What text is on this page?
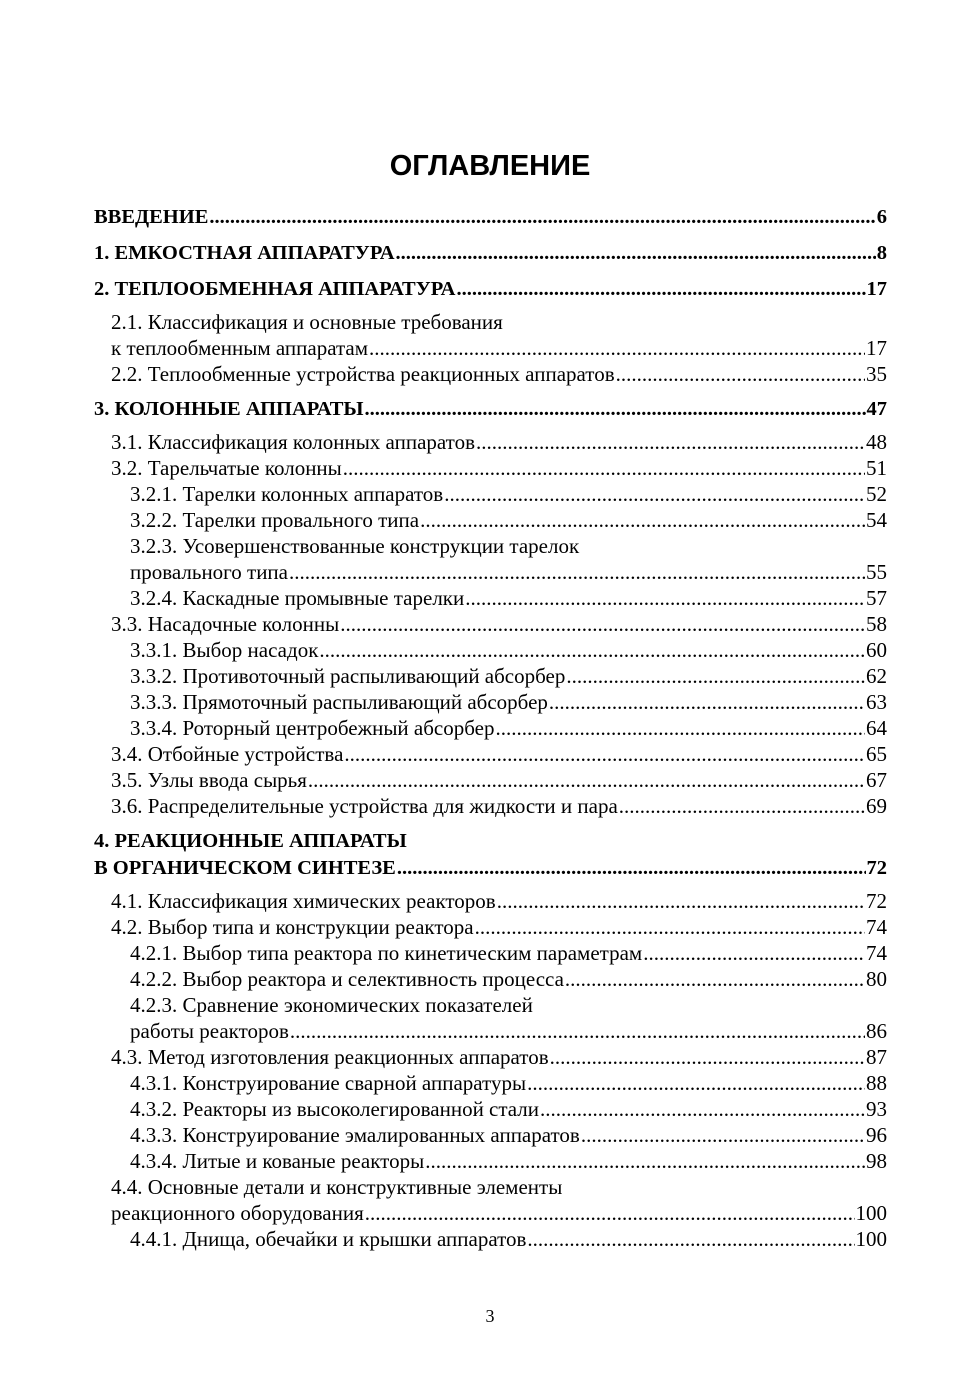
ОГЛАВЛЕНИЕ
ВВЕДЕНИЕ .....	6
1. ЕМКОСТНАЯ АППАРАТУРА .....	8
2. ТЕПЛООБМЕННАЯ АППАРАТУРА .....	17
2.1. Классификация и основные требования
к теплообменным аппаратам .....	17
2.2. Теплообменные устройства реакционных аппаратов .....	35
3. КОЛОННЫЕ АППАРАТЫ .....	47
3.1. Классификация колонных аппаратов .....	48
3.2. Тарельчатые колонны .....	51
3.2.1. Тарелки колонных аппаратов .....	52
3.2.2. Тарелки провального типа .....	54
3.2.3. Усовершенствованные конструкции тарелок
провального типа .....	55
3.2.4. Каскадные промывные тарелки .....	57
3.3. Насадочные колонны .....	58
3.3.1. Выбор насадок .....	60
3.3.2. Противоточный распыливающий абсорбер .....	62
3.3.3. Прямоточный распыливающий абсорбер .....	63
3.3.4. Роторный центробежный абсорбер .....	64
3.4. Отбойные устройства .....	65
3.5. Узлы ввода сырья .....	67
3.6. Распределительные устройства для жидкости и пара .....	69
4. РЕАКЦИОННЫЕ АППАРАТЫ
В ОРГАНИЧЕСКОМ СИНТЕЗЕ .....	72
4.1. Классификация химических реакторов .....	72
4.2. Выбор типа и конструкции реактора .....	74
4.2.1. Выбор типа реактора по кинетическим параметрам .....	74
4.2.2. Выбор реактора и селективность процесса .....	80
4.2.3. Сравнение экономических показателей
работы реакторов .....	86
4.3. Метод изготовления реакционных аппаратов .....	87
4.3.1. Конструирование сварной аппаратуры .....	88
4.3.2. Реакторы из высоколегированной стали .....	93
4.3.3. Конструирование эмалированных аппаратов .....	96
4.3.4. Литые и кованые реакторы .....	98
4.4. Основные детали и конструктивные элементы
реакционного оборудования .....	100
4.4.1. Днища, обечайки и крышки аппаратов .....	100
3
